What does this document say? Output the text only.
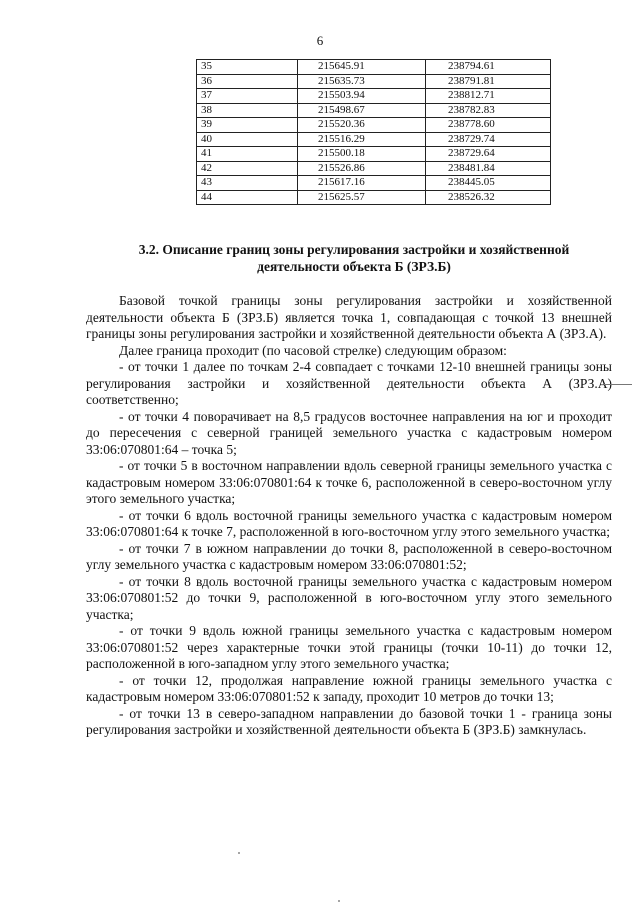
6
35	215645.91	238794.61
36	215635.73	238791.81
37	215503.94	238812.71
38	215498.67	238782.83
39	215520.36	238778.60
40	215516.29	238729.74
41	215500.18	238729.64
42	215526.86	238481.84
43	215617.16	238445.05
44	215625.57	238526.32
3.2. Описание границ зоны регулирования застройки и хозяйственной деятельности объекта Б (ЗРЗ.Б)

Базовой точкой границы зоны регулирования застройки и хозяйственной деятельности объекта Б (ЗРЗ.Б) является точка 1, совпадающая с точкой 13 внешней границы зоны регулирования застройки и хозяйственной деятельности объекта А (ЗРЗ.А).

Далее граница проходит (по часовой стрелке) следующим образом:

- от точки 1 далее по точкам 2-4 совпадает с точками 12-10 внешней границы зоны регулирования застройки и хозяйственной деятельности объекта А (ЗРЗ.А) соответственно;

- от точки 4 поворачивает на 8,5 градусов восточнее направления на юг и проходит до пересечения с северной границей земельного участка с кадастровым номером 33:06:070801:64 – точка 5;

- от точки 5 в восточном направлении вдоль северной границы земельного участка с кадастровым номером 33:06:070801:64 к точке 6, расположенной в северо-восточном углу этого земельного участка;

- от точки 6 вдоль восточной границы земельного участка с кадастровым номером 33:06:070801:64 к точке 7, расположенной в юго-восточном углу этого земельного участка;

- от точки 7 в южном направлении до точки 8, расположенной в северо-восточном углу земельного участка с кадастровым номером 33:06:070801:52;

- от точки 8 вдоль восточной границы земельного участка с кадастровым номером 33:06:070801:52 до точки 9, расположенной в юго-восточном углу этого земельного участка;

- от точки 9 вдоль южной границы земельного участка с кадастровым номером 33:06:070801:52 через характерные точки этой границы (точки 10-11) до точки 12, расположенной в юго-западном углу этого земельного участка;

- от точки 12, продолжая направление южной границы земельного участка с кадастровым номером 33:06:070801:52 к западу, проходит 10 метров до точки 13;

- от точки 13 в северо-западном направлении до базовой точки 1 - граница зоны регулирования застройки и хозяйственной деятельности объекта Б (ЗРЗ.Б) замкнулась.
